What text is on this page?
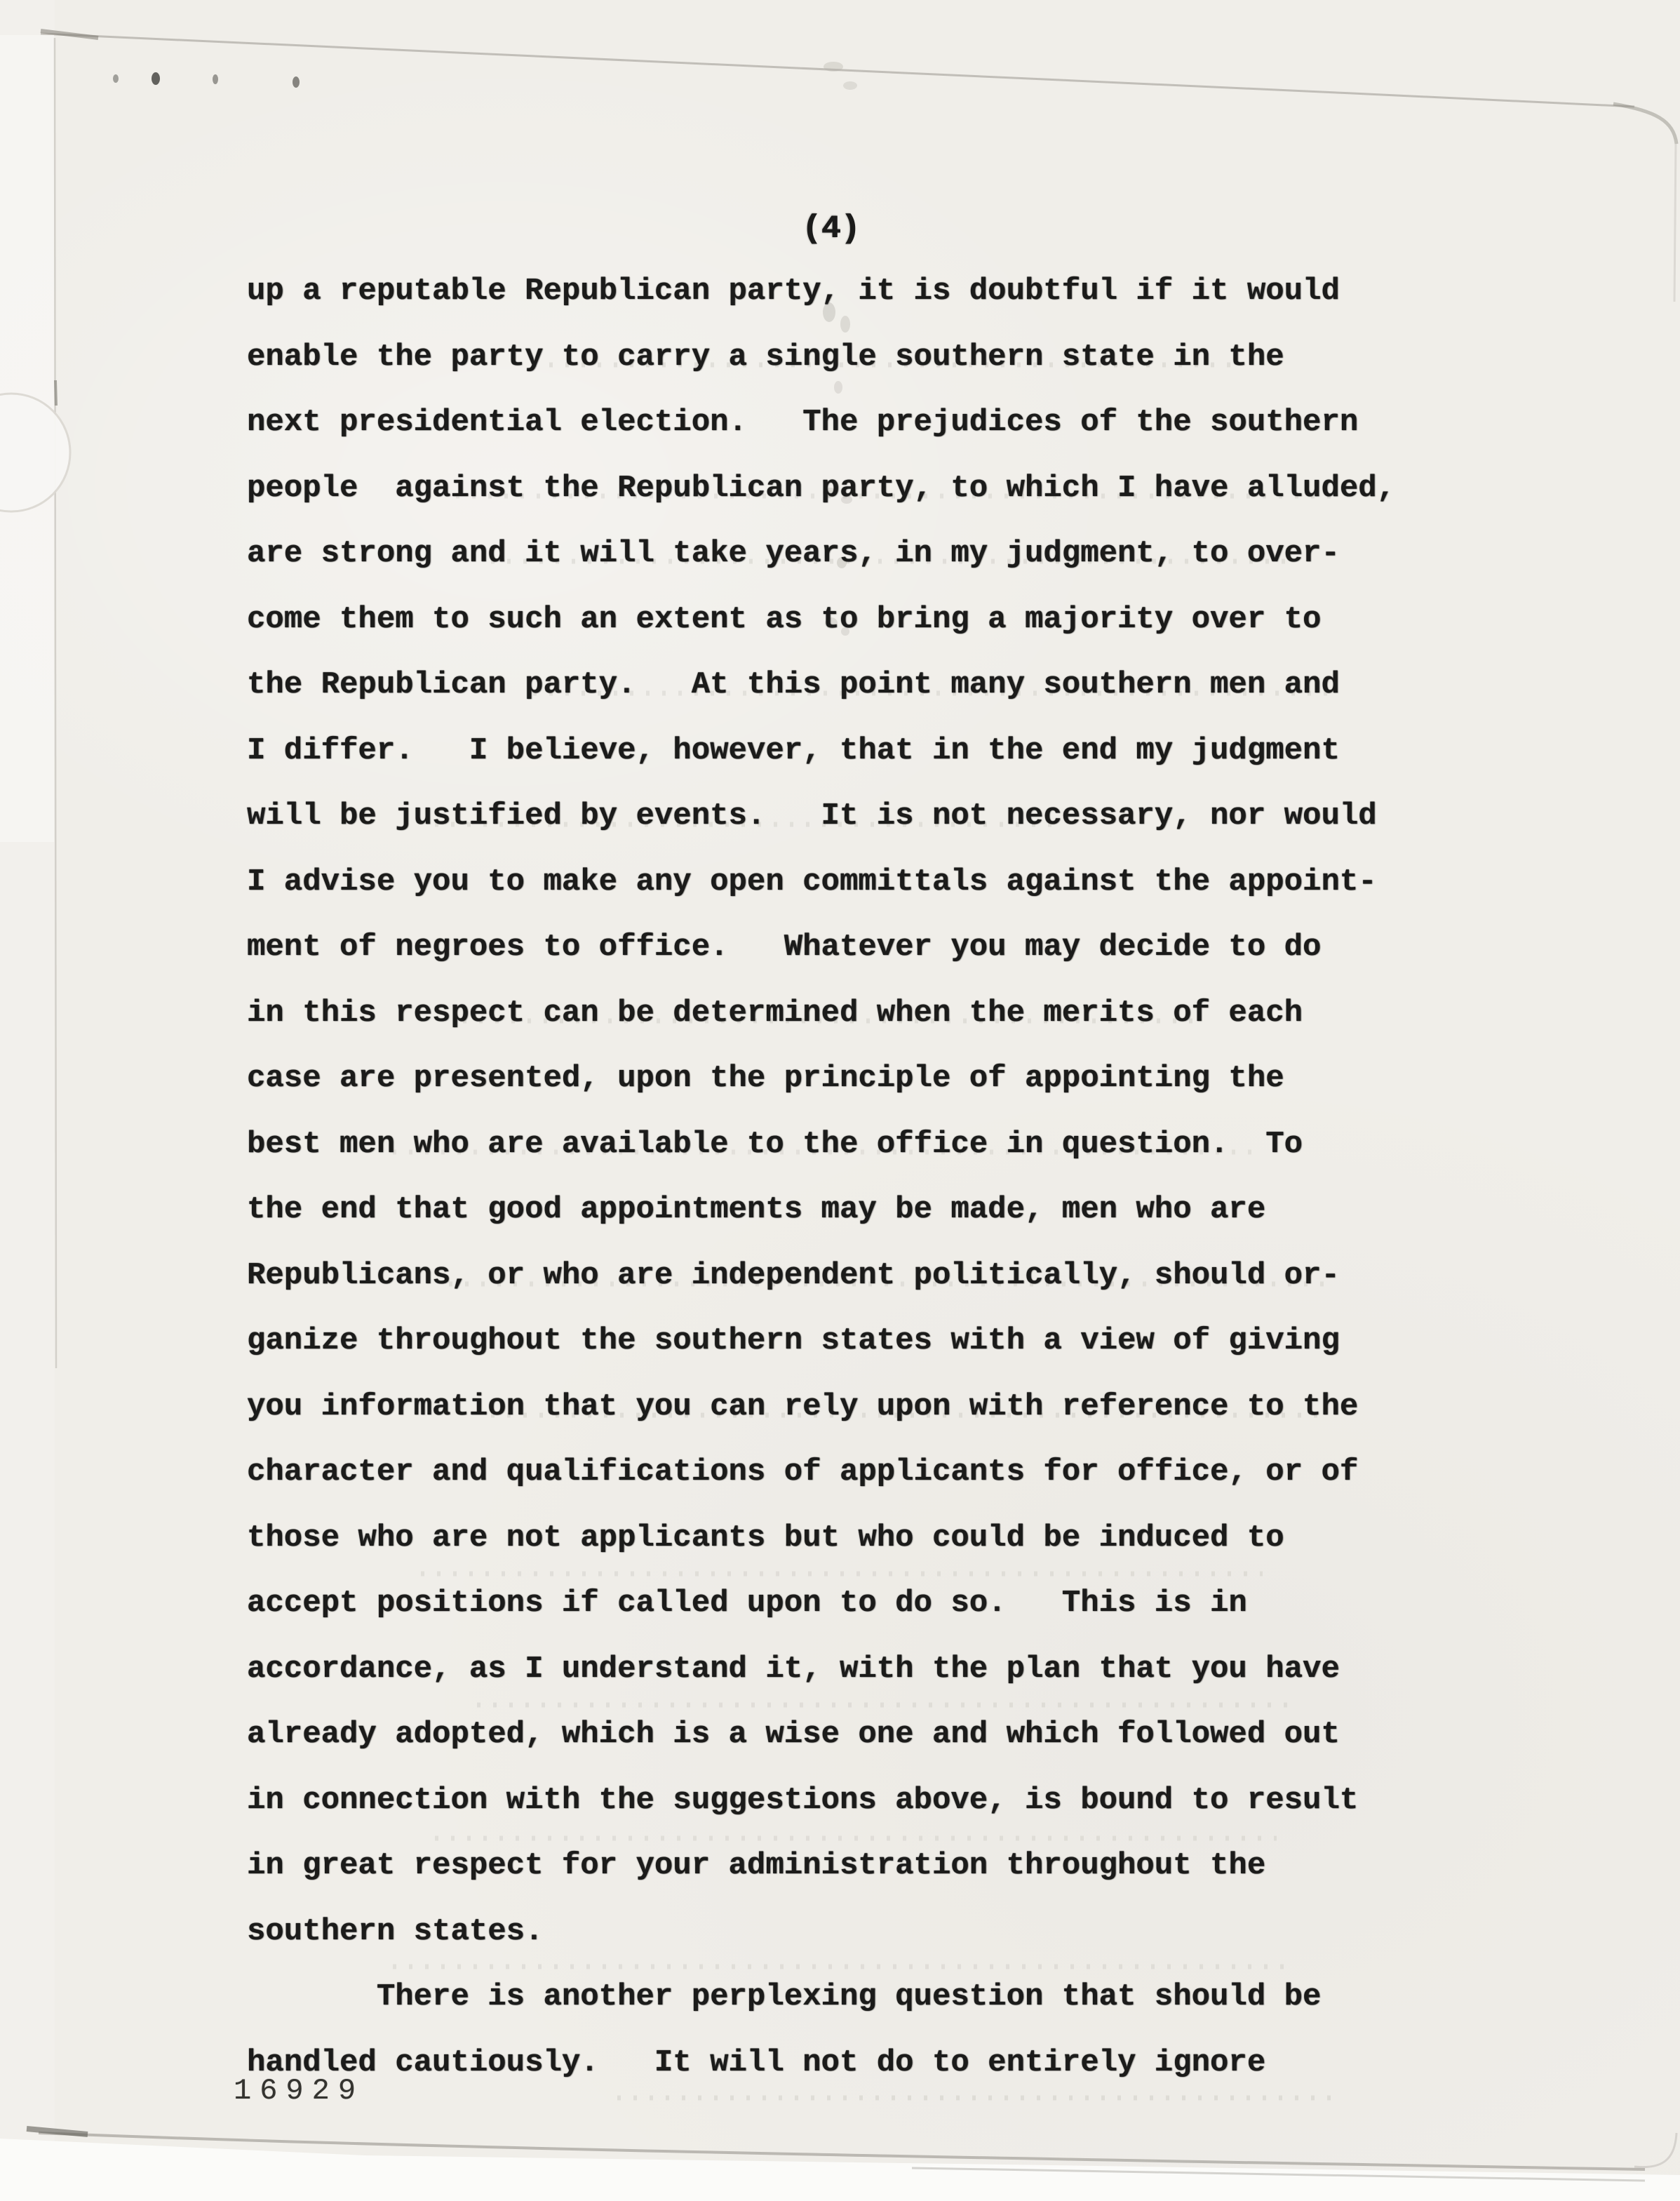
(4)
up a reputable Republican party, it is doubtful if it would
enable the party to carry a single southern state in the
next presidential election.   The prejudices of the southern
people  against the Republican party, to which I have alluded,
are strong and it will take years, in my judgment, to over-
come them to such an extent as to bring a majority over to
the Republican party.   At this point many southern men and
I differ.   I believe, however, that in the end my judgment
will be justified by events.   It is not necessary, nor would
I advise you to make any open committals against the appoint-
ment of negroes to office.   Whatever you may decide to do
in this respect can be determined when the merits of each
case are presented, upon the principle of appointing the
best men who are available to the office in question.  To
the end that good appointments may be made, men who are
Republicans, or who are independent politically, should or-
ganize throughout the southern states with a view of giving
you information that you can rely upon with reference to the
character and qualifications of applicants for office, or of
those who are not applicants but who could be induced to
accept positions if called upon to do so.   This is in
accordance, as I understand it, with the plan that you have
already adopted, which is a wise one and which followed out
in connection with the suggestions above, is bound to result
in great respect for your administration throughout the
southern states.
There is another perplexing question that should be
handled cautiously.   It will not do to entirely ignore
16929
